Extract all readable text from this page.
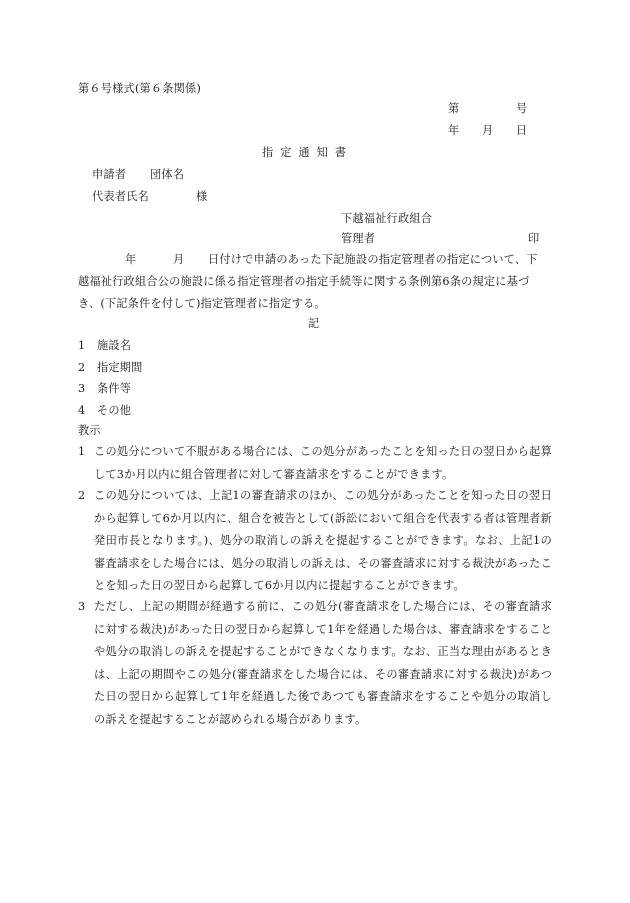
第６号様式(第６条関係)
第	号
年 月 日
指定通知書
申請者 団体名
代表者氏名	様
下越福祉行政組合
管理者	印
年	月 日付けで申請のあった下記施設の指定管理者の指定について、下
越福祉行政組合公の施設に係る指定管理者の指定手続等に関する条例第6条の規定に基づ
き、(下記条件を付して)指定管理者に指定する。
記
1 施設名
2 指定期間
3 条件等
4 その他
教示
1 この処分について不服がある場合には、この処分があったことを知った日の翌日から起算して3か月以内に組合管理者に対して審査請求をすることができます。
2 この処分については、上記1の審査請求のほか、この処分があったことを知った日の翌日から起算して6か月以内に、組合を被告として(訴訟において組合を代表する者は管理者新発田市長となります。)、処分の取消しの訴えを提起することができます。なお、上記1の審査請求をした場合には、処分の取消しの訴えは、その審査請求に対する裁決があったことを知った日の翌日から起算して6か月以内に提起することができます。
3 ただし、上記の期間が経過する前に、この処分(審査請求をした場合には、その審査請求に対する裁決)があった日の翌日から起算して1年を経過した場合は、審査請求をすることや処分の取消しの訴えを提起することができなくなります。なお、正当な理由があるときは、上記の期間やこの処分(審査請求をした場合には、その審査請求に対する裁決)があつた日の翌日から起算して1年を経過した後であつても審査請求をすることや処分の取消しの訴えを提起することが認められる場合があります。
